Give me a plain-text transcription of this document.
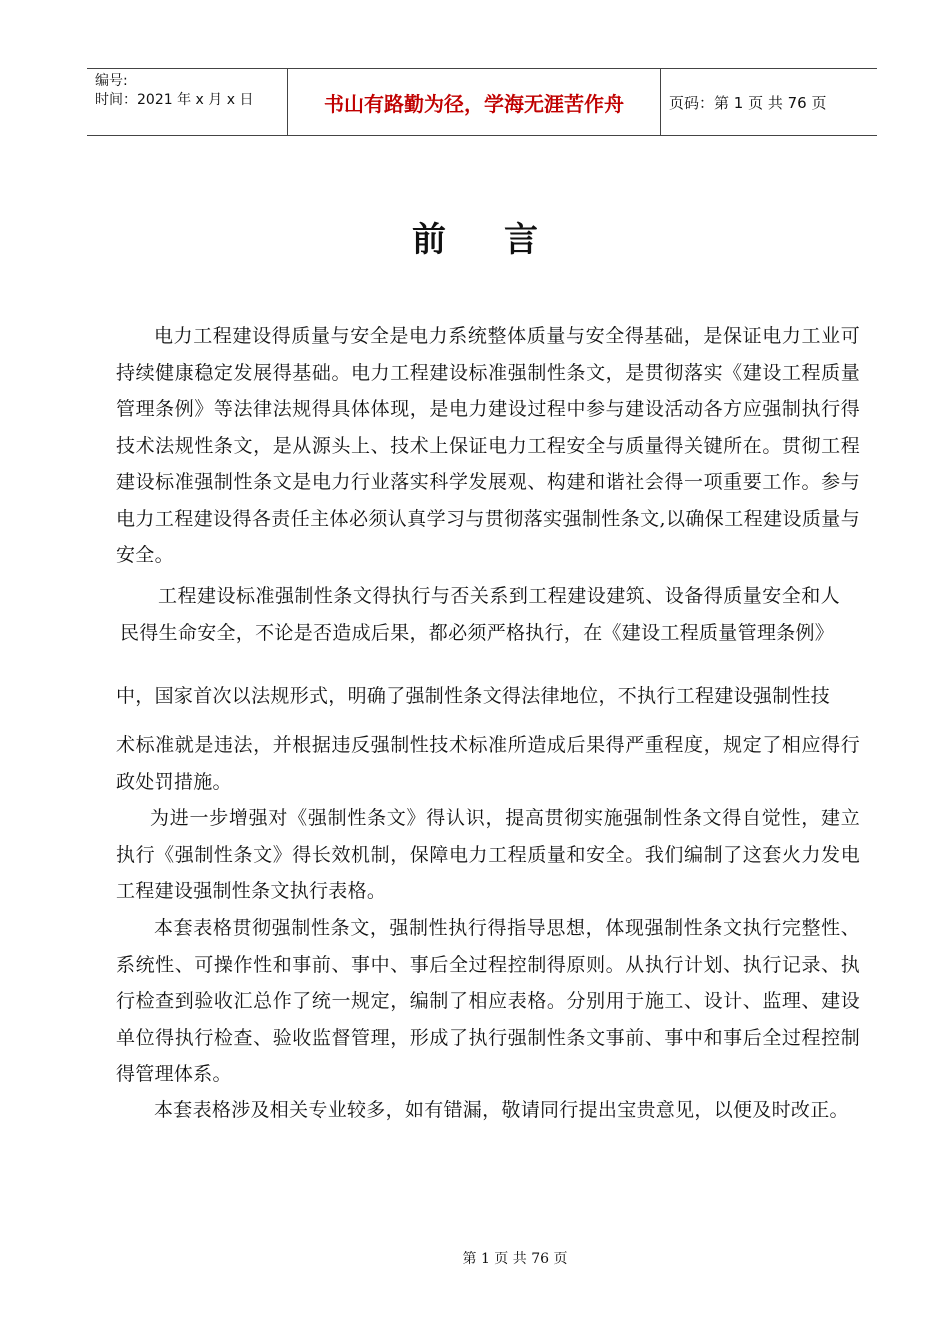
编号:
时间：2021 年 x 月 x 日	书山有路勤为径，学海无涯苦作舟	页码：第 1 页 共 76 页
前言

电力工程建设得质量与安全是电力系统整体质量与安全得基础，是保证电力工业可持续健康稳定发展得基础。电力工程建设标准强制性条文，是贯彻落实《建设工程质量管理条例》等法律法规得具体体现，是电力建设过程中参与建设活动各方应强制执行得技术法规性条文，是从源头上、技术上保证电力工程安全与质量得关键所在。贯彻工程建设标准强制性条文是电力行业落实科学发展观、构建和谐社会得一项重要工作。参与电力工程建设得各责任主体必须认真学习与贯彻落实强制性条文,以确保工程建设质量与安全。

工程建设标准强制性条文得执行与否关系到工程建设建筑、设备得质量安全和人民得生命安全，不论是否造成后果，都必须严格执行，在《建设工程质量管理条例》

中，国家首次以法规形式，明确了强制性条文得法律地位，不执行工程建设强制性技

术标准就是违法，并根据违反强制性技术标准所造成后果得严重程度，规定了相应得行政处罚措施。

为进一步增强对《强制性条文》得认识，提高贯彻实施强制性条文得自觉性，建立执行《强制性条文》得长效机制，保障电力工程质量和安全。我们编制了这套火力发电工程建设强制性条文执行表格。

本套表格贯彻强制性条文，强制性执行得指导思想，体现强制性条文执行完整性、系统性、可操作性和事前、事中、事后全过程控制得原则。从执行计划、执行记录、执行检查到验收汇总作了统一规定，编制了相应表格。分别用于施工、设计、监理、建设单位得执行检查、验收监督管理，形成了执行强制性条文事前、事中和事后全过程控制得管理体系。

本套表格涉及相关专业较多，如有错漏，敬请同行提出宝贵意见，以便及时改正。

第 1 页 共 76 页
